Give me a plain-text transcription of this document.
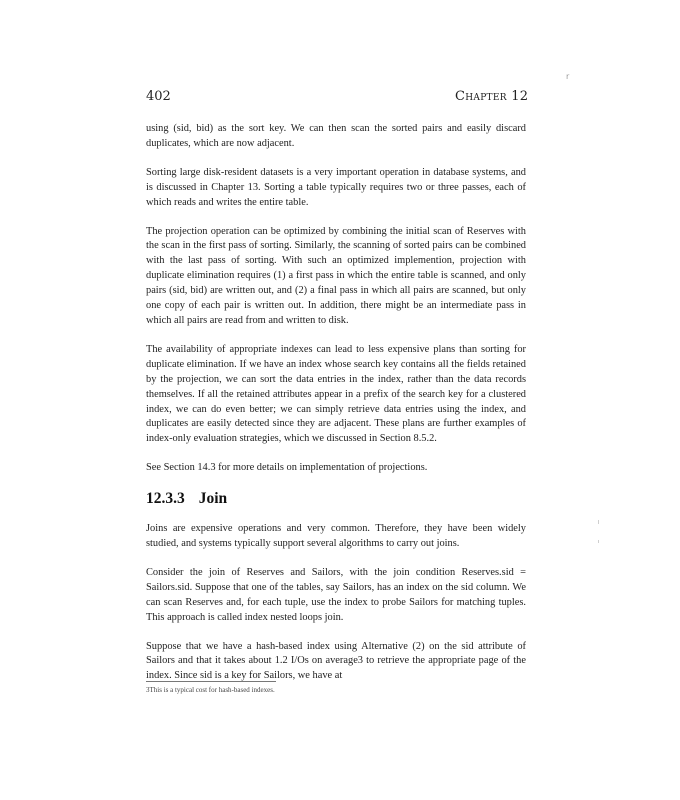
r
402	Chapter 12

using (sid, bid) as the sort key. We can then scan the sorted pairs and easily discard duplicates, which are now adjacent.

Sorting large disk-resident datasets is a very important operation in database systems, and is discussed in Chapter 13. Sorting a table typically requires two or three passes, each of which reads and writes the entire table.

The projection operation can be optimized by combining the initial scan of Reserves with the scan in the first pass of sorting. Similarly, the scanning of sorted pairs can be combined with the last pass of sorting. With such an optimized implemention, projection with duplicate elimination requires (1) a first pass in which the entire table is scanned, and only pairs (sid, bid) are written out, and (2) a final pass in which all pairs are scanned, but only one copy of each pair is written out. In addition, there might be an intermediate pass in which all pairs are read from and written to disk.

The availability of appropriate indexes can lead to less expensive plans than sorting for duplicate elimination. If we have an index whose search key contains all the fields retained by the projection, we can sort the data entries in the index, rather than the data records themselves. If all the retained attributes appear in a prefix of the search key for a clustered index, we can do even better; we can simply retrieve data entries using the index, and duplicates are easily detected since they are adjacent. These plans are further examples of index-only evaluation strategies, which we discussed in Section 8.5.2.

See Section 14.3 for more details on implementation of projections.

12.3.3 Join

Joins are expensive operations and very common. Therefore, they have been widely studied, and systems typically support several algorithms to carry out joins.

Consider the join of Reserves and Sailors, with the join condition Reserves.sid = Sailors.sid. Suppose that one of the tables, say Sailors, has an index on the sid column. We can scan Reserves and, for each tuple, use the index to probe Sailors for matching tuples. This approach is called index nested loops join.

Suppose that we have a hash-based index using Alternative (2) on the sid attribute of Sailors and that it takes about 1.2 I/Os on average3 to retrieve the appropriate page of the index. Since sid is a key for Sailors, we have at

3This is a typical cost for hash-based indexes.
